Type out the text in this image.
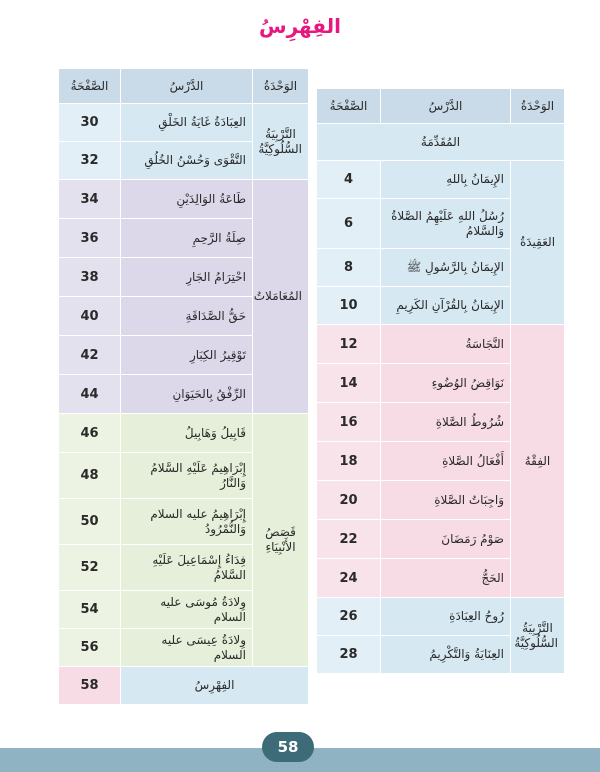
الفِهْرِسُ
الوَحْدَةُ	الدَّرْسُ	الصَّفْحَةُ
المُقَدِّمَةُ		
العَقِيدَةُ	الإِيمَانُ بِاللهِ	4
	رُسُلُ اللهِ عَلَيْهِمُ الصَّلاةُ وَالسَّلامُ	6
	الإِيمَانُ بِالرَّسُولِ ﷺ	8
	الإِيمَانُ بِالقُرْآنِ الكَرِيمِ	10
الفِقْهُ	النَّجَاسَةُ	12
	نَوَاقِضُ الوُضُوءِ	14
	شُرُوطُ الصَّلاةِ	16
	أَفْعَالُ الصَّلاةِ	18
	وَاجِبَاتُ الصَّلاةِ	20
	صَوْمُ رَمَضَانَ	22
	الحَجُّ	24
التَّرْبِيَةُ السُّلُوكِيَّةُ	رُوحُ العِبَادَةِ	26
	العِنَايَةُ وَالتَّكْرِيمُ	28
الوَحْدَةُ	الدَّرْسُ	الصَّفْحَةُ
التَّرْبِيَةُ السُّلُوكِيَّةُ	العِبَادَةُ غَايَةُ الخَلْقِ	30
	التَّقْوَى وَحُسْنُ الخُلُقِ	32
المُعَامَلاتُ	طَاعَةُ الوَالِدَيْنِ	34
	صِلَةُ الرَّحِمِ	36
	احْتِرَامُ الجَارِ	38
	حَقُّ الصَّدَاقَةِ	40
	تَوْقِيرُ الكِبَارِ	42
	الرِّفْقُ بِالحَيَوَانِ	44
قَصَصُ الأَنْبِيَاءِ	قَابِيلُ وَهَابِيلُ	46
	إِبْرَاهِيمُ عَلَيْهِ السَّلامُ وَالنَّارُ	48
	إِبْرَاهِيمُ عليه السلام وَالنُّمْرُودُ	50
	فِدَاءُ إِسْمَاعِيلَ عَلَيْهِ السَّلامُ	52
	وِلادَةُ مُوسَى عليه السلام	54
	وِلادَةُ عِيسَى عليه السلام	56
الفِهْرِسُ		58
58
